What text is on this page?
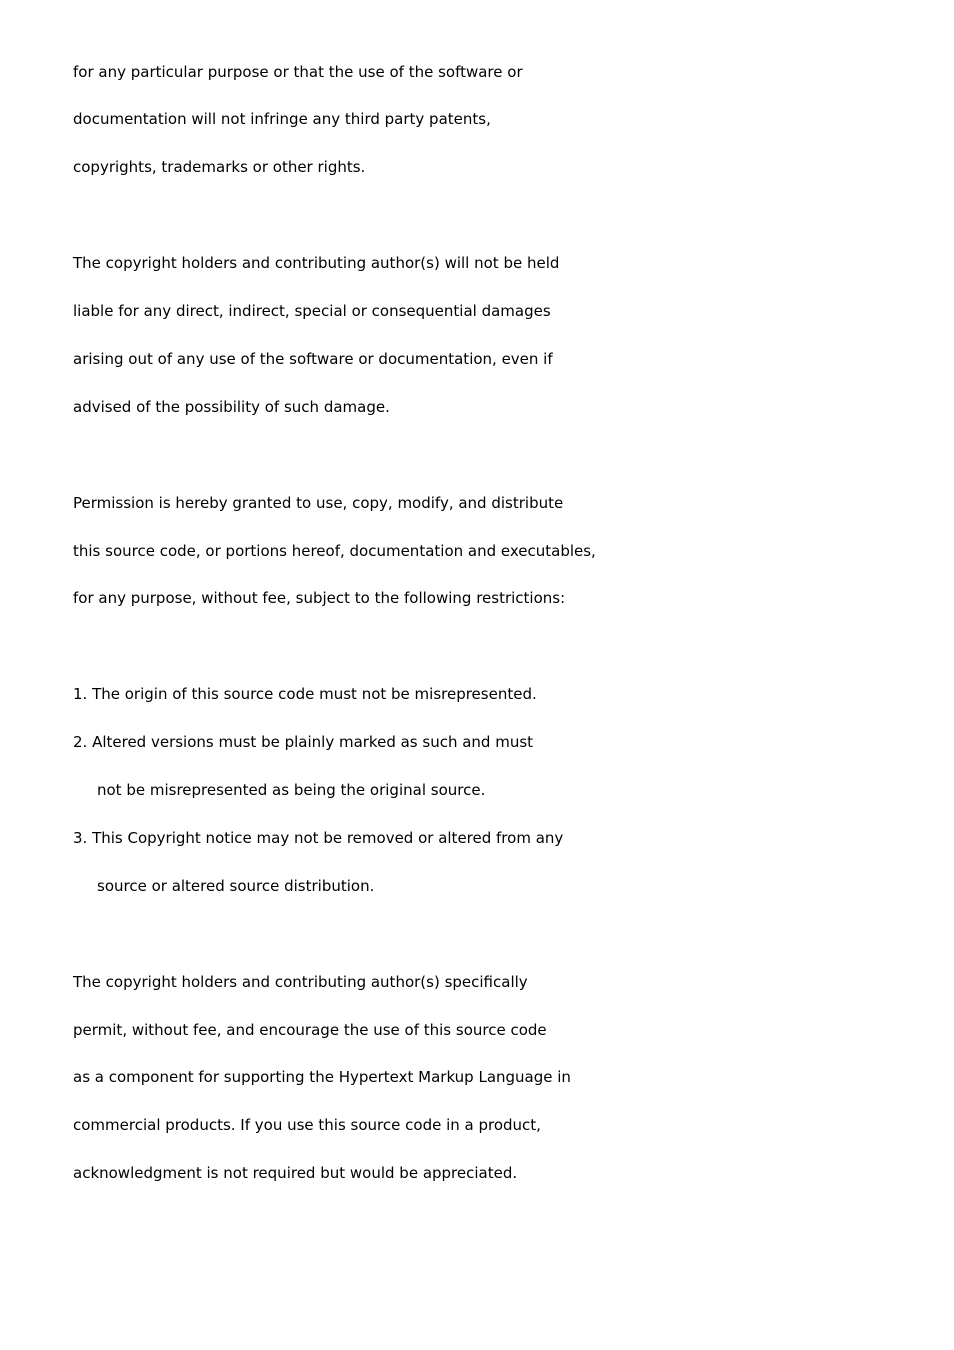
for any particular purpose or that the use of the software or
documentation will not infringe any third party patents,
copyrights, trademarks or other rights.
The copyright holders and contributing author(s) will not be held
liable for any direct, indirect, special or consequential damages
arising out of any use of the software or documentation, even if
advised of the possibility of such damage.
Permission is hereby granted to use, copy, modify, and distribute
this source code, or portions hereof, documentation and executables,
for any purpose, without fee, subject to the following restrictions:
1. The origin of this source code must not be misrepresented.
2. Altered versions must be plainly marked as such and must
not be misrepresented as being the original source.
3. This Copyright notice may not be removed or altered from any
source or altered source distribution.
The copyright holders and contributing author(s) specifically
permit, without fee, and encourage the use of this source code
as a component for supporting the Hypertext Markup Language in
commercial products. If you use this source code in a product,
acknowledgment is not required but would be appreciated.
